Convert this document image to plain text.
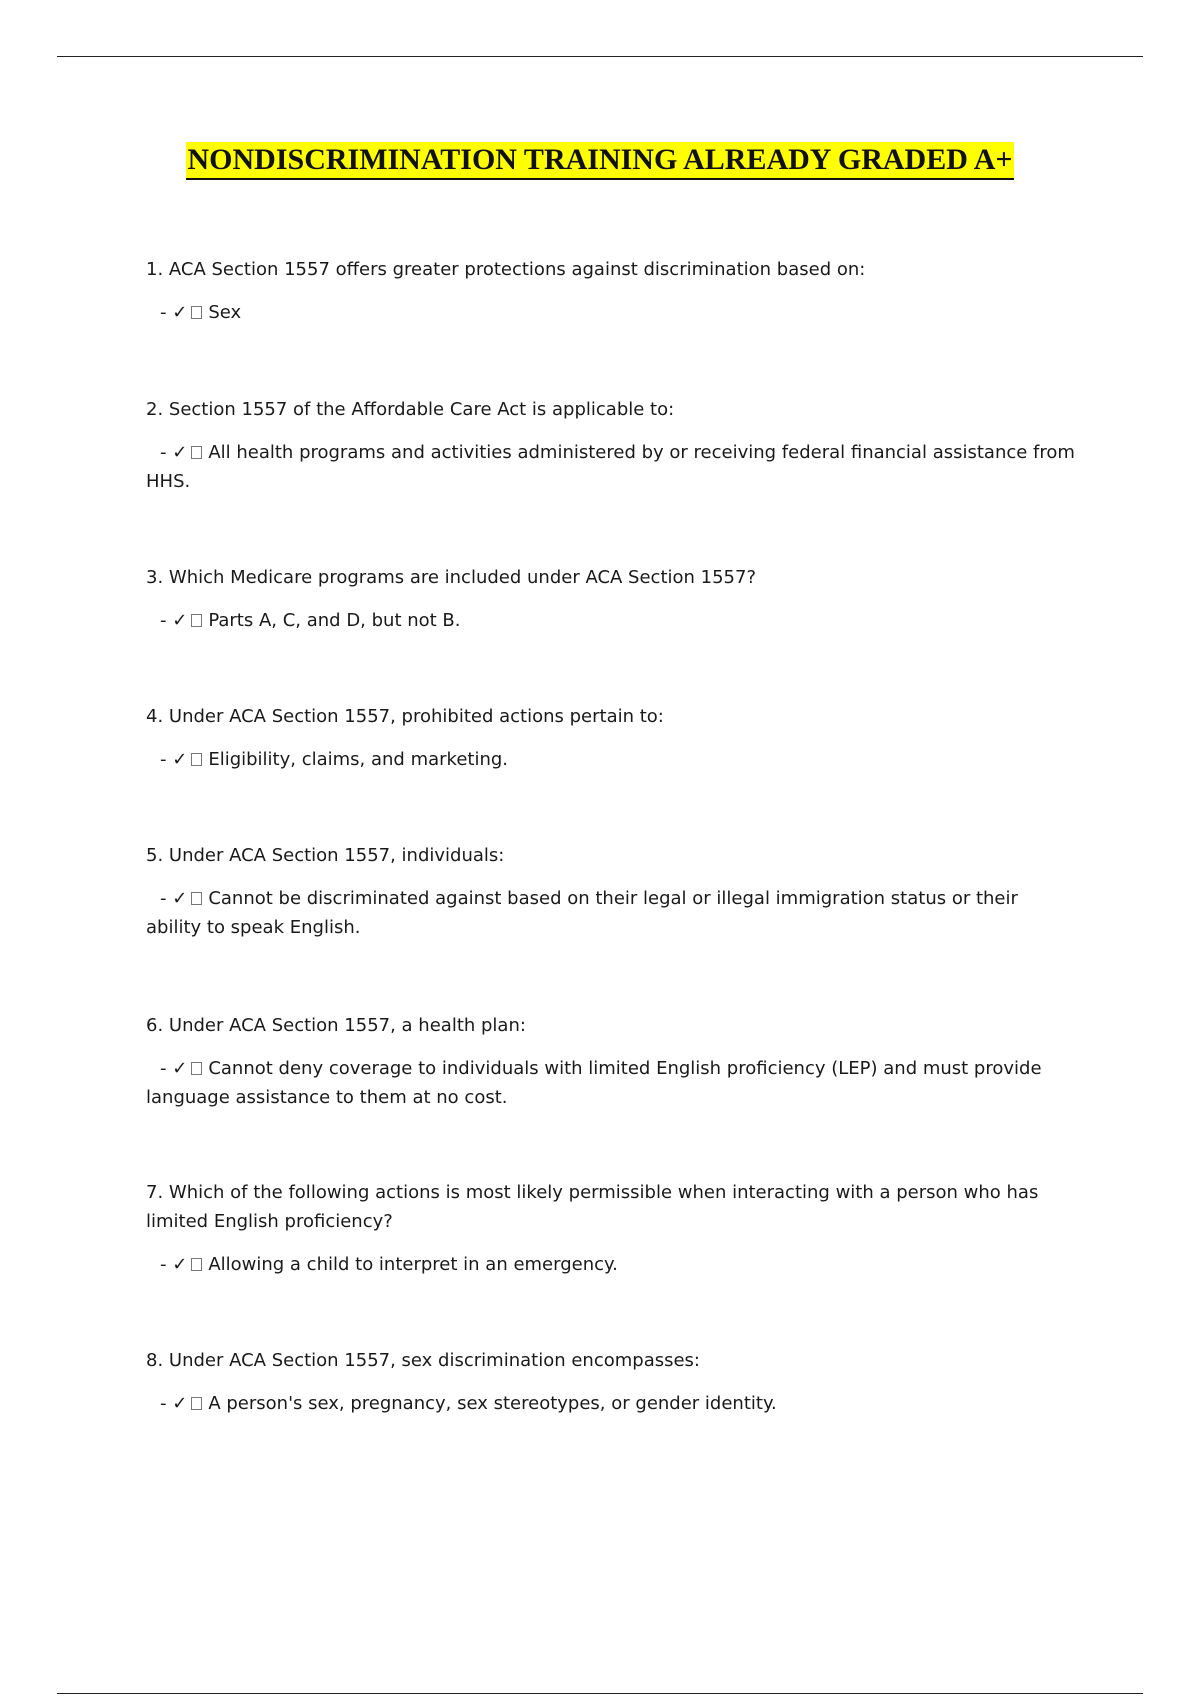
NONDISCRIMINATION TRAINING ALREADY GRADED A+

1. ACA Section 1557 offers greater protections against discrimination based on:

- ✓ Sex

2. Section 1557 of the Affordable Care Act is applicable to:

- ✓ All health programs and activities administered by or receiving federal financial assistance from HHS.

3. Which Medicare programs are included under ACA Section 1557?

- ✓ Parts A, C, and D, but not B.

4. Under ACA Section 1557, prohibited actions pertain to:

- ✓ Eligibility, claims, and marketing.

5. Under ACA Section 1557, individuals:

- ✓ Cannot be discriminated against based on their legal or illegal immigration status or their ability to speak English.

6. Under ACA Section 1557, a health plan:

- ✓ Cannot deny coverage to individuals with limited English proficiency (LEP) and must provide language assistance to them at no cost.

7. Which of the following actions is most likely permissible when interacting with a person who has limited English proficiency?

- ✓ Allowing a child to interpret in an emergency.

8. Under ACA Section 1557, sex discrimination encompasses:

- ✓ A person's sex, pregnancy, sex stereotypes, or gender identity.
